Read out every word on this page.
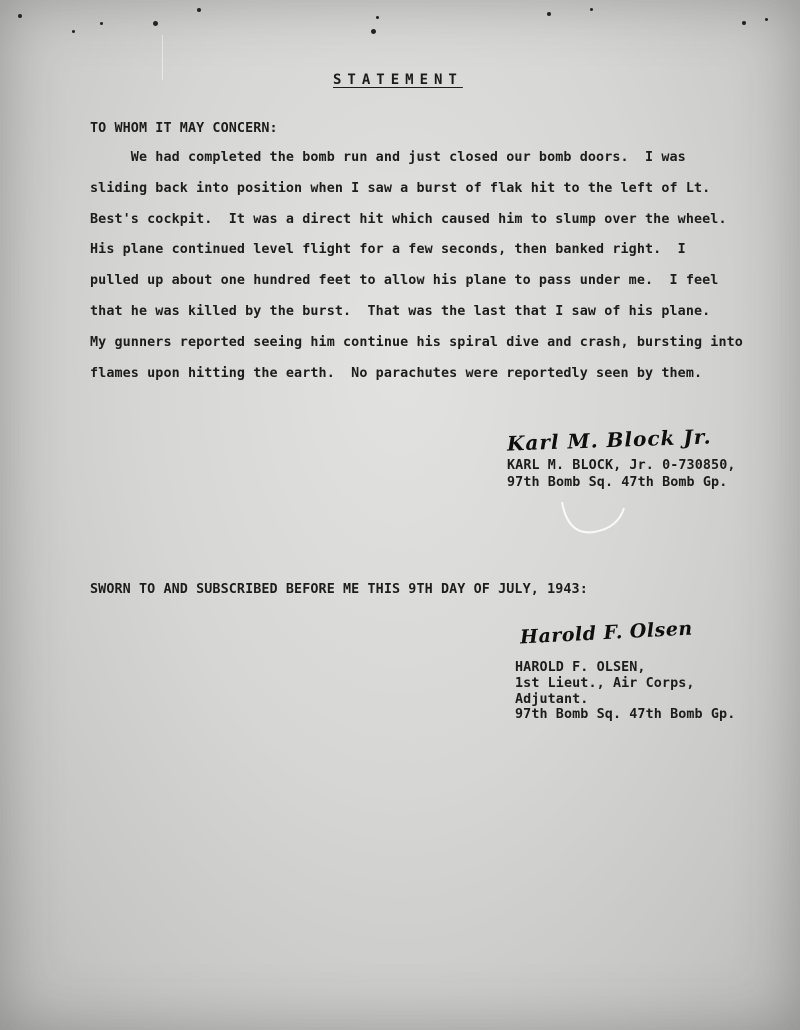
STATEMENT
TO WHOM IT MAY CONCERN:
We had completed the bomb run and just closed our bomb doors.  I was
sliding back into position when I saw a burst of flak hit to the left of Lt.
Best's cockpit.  It was a direct hit which caused him to slump over the wheel.
His plane continued level flight for a few seconds, then banked right.  I
pulled up about one hundred feet to allow his plane to pass under me.  I feel
that he was killed by the burst.  That was the last that I saw of his plane.
My gunners reported seeing him continue his spiral dive and crash, bursting into
flames upon hitting the earth.  No parachutes were reportedly seen by them.
Karl M. Block Jr.
KARL M. BLOCK, Jr. 0-730850,
97th Bomb Sq. 47th Bomb Gp.
SWORN TO AND SUBSCRIBED BEFORE ME THIS 9TH DAY OF JULY, 1943:
Harold F. Olsen
HAROLD F. OLSEN,
1st Lieut., Air Corps,
Adjutant.
97th Bomb Sq. 47th Bomb Gp.
